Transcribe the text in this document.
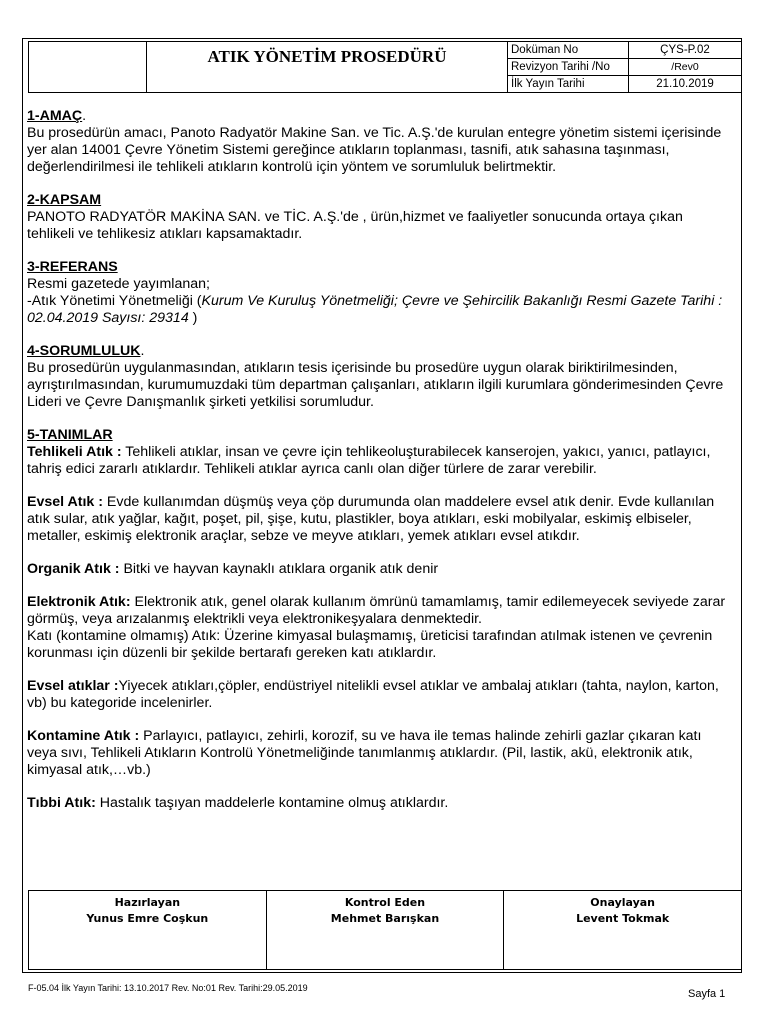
	ATIK YÖNETİM PROSEDÜRÜ	Doküman No	ÇYS-P.02
		Revizyon Tarihi /No	/Rev0
		İlk Yayın Tarihi	21.10.2019

1-AMAÇ.
Bu prosedürün amacı, Panoto Radyatör Makine San. ve Tic. A.Ş.'de kurulan entegre yönetim sistemi içerisinde yer alan 14001 Çevre Yönetim Sistemi gereğince atıkların toplanması, tasnifi, atık sahasına taşınması, değerlendirilmesi ile tehlikeli atıkların kontrolü için yöntem ve sorumluluk belirtmektir.

2-KAPSAM
PANOTO RADYATÖR MAKİNA SAN. ve TİC. A.Ş.'de , ürün,hizmet ve faaliyetler sonucunda ortaya çıkan tehlikeli ve tehlikesiz atıkları kapsamaktadır.

3-REFERANS
Resmi gazetede yayımlanan;
-Atık Yönetimi Yönetmeliği (Kurum Ve Kuruluş Yönetmeliği; Çevre ve Şehircilik Bakanlığı Resmi Gazete Tarihi : 02.04.2019 Sayısı: 29314 )

4-SORUMLULUK.
Bu prosedürün uygulanmasından, atıkların tesis içerisinde bu prosedüre uygun olarak biriktirilmesinden, ayrıştırılmasından, kurumumuzdaki tüm departman çalışanları, atıkların ilgili kurumlara gönderimesinden Çevre Lideri ve Çevre Danışmanlık şirketi yetkilisi sorumludur.

5-TANIMLAR
Tehlikeli Atık : Tehlikeli atıklar, insan ve çevre için tehlikeoluşturabilecek kanserojen, yakıcı, yanıcı, patlayıcı, tahriş edici zararlı atıklardır. Tehlikeli atıklar ayrıca canlı olan diğer türlere de zarar verebilir.

Evsel Atık : Evde kullanımdan düşmüş veya çöp durumunda olan maddelere evsel atık denir. Evde kullanılan atık sular, atık yağlar, kağıt, poşet, pil, şişe, kutu, plastikler, boya atıkları, eski mobilyalar, eskimiş elbiseler, metaller, eskimiş elektronik araçlar, sebze ve meyve atıkları, yemek atıkları evsel atıkdır.

Organik Atık : Bitki ve hayvan kaynaklı atıklara organik atık denir

Elektronik Atık: Elektronik atık, genel olarak kullanım ömrünü tamamlamış, tamir edilemeyecek seviyede zarar görmüş, veya arızalanmış elektrikli veya elektronikeşyalara denmektedir.
Katı (kontamine olmamış) Atık: Üzerine kimyasal bulaşmamış, üreticisi tarafından atılmak istenen ve çevrenin korunması için düzenli bir şekilde bertarafı gereken katı atıklardır.

Evsel atıklar :Yiyecek atıkları,çöpler, endüstriyel nitelikli evsel atıklar ve ambalaj atıkları (tahta, naylon, karton, vb) bu kategoride incelenirler.

Kontamine Atık : Parlayıcı, patlayıcı, zehirli, korozif, su ve hava ile temas halinde zehirli gazlar çıkaran katı veya sıvı, Tehlikeli Atıkların Kontrolü Yönetmeliğinde tanımlanmış atıklardır. (Pil, lastik, akü, elektronik atık, kimyasal atık,…vb.)

Tıbbi Atık: Hastalık taşıyan maddelerle kontamine olmuş atıklardır.

Hazırlayan
Yunus Emre Coşkun

Kontrol Eden
Mehmet Barışkan

Onaylayan
Levent Tokmak
F-05.04 İlk Yayın Tarihi: 13.10.2017 Rev. No:01 Rev. Tarihi:29.05.2019	Sayfa 1
